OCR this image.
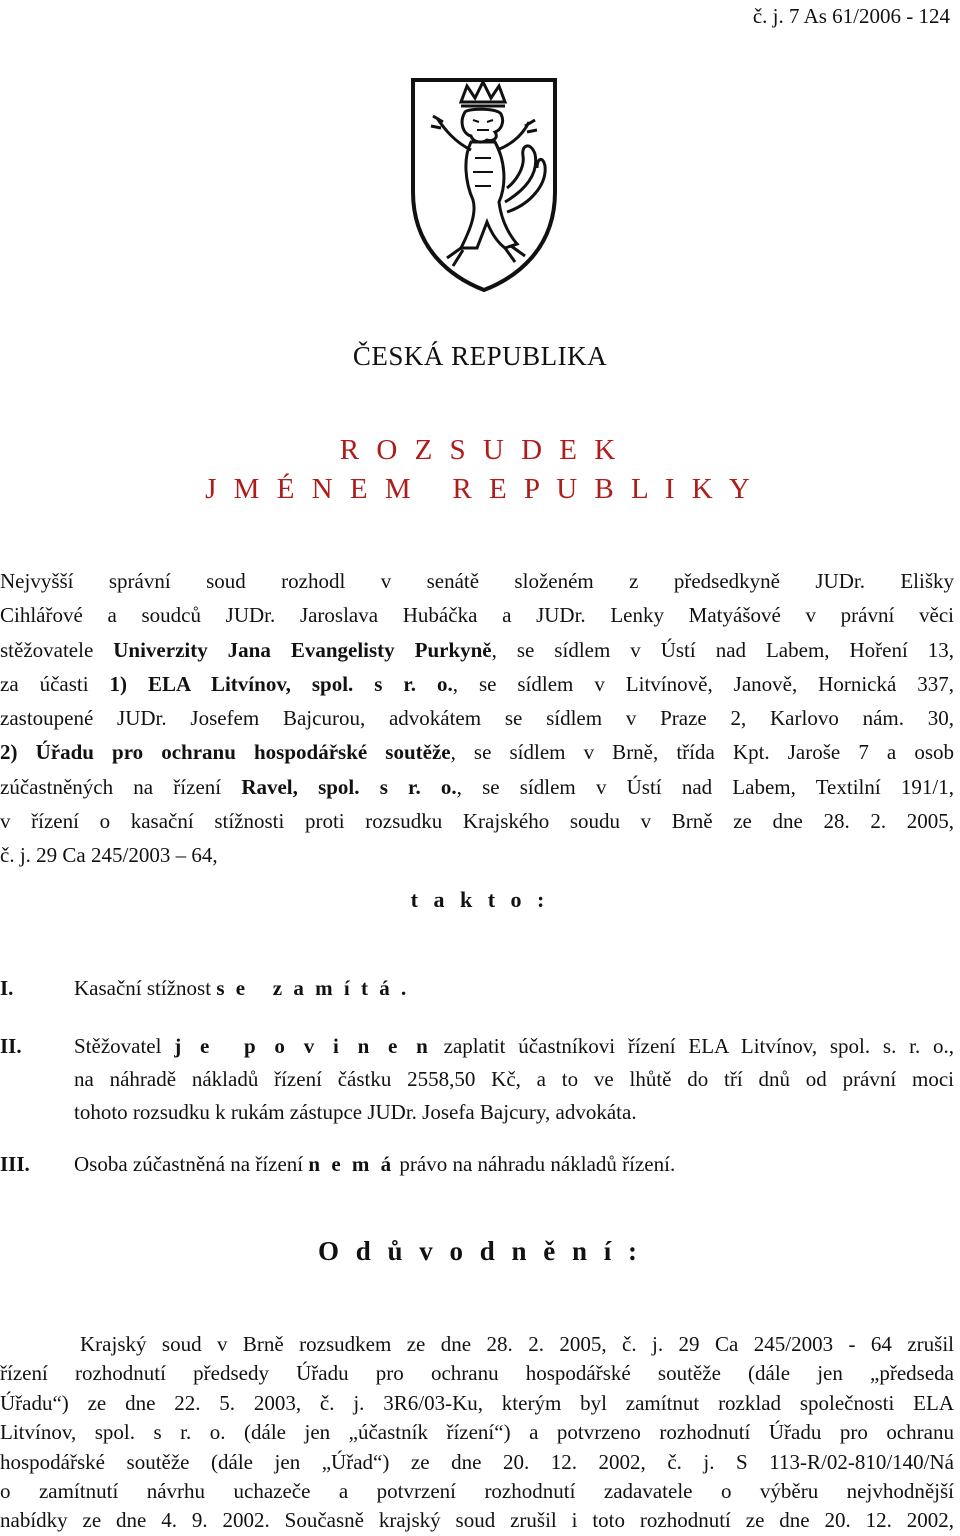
č. j. 7 As 61/2006 - 124
ČESKÁ REPUBLIKA
R O Z S U D E K
J M É N E M   R E P U B L I K Y
Nejvyšší správní soud rozhodl v senátě složeném z předsedkyně JUDr. Elišky
Cihlářové a soudců JUDr. Jaroslava Hubáčka a JUDr. Lenky Matyášové v právní věci
stěžovatele Univerzity Jana Evangelisty Purkyně, se sídlem v Ústí nad Labem, Hoření 13,
za účasti 1) ELA Litvínov, spol. s r. o., se sídlem v Litvínově, Janově, Hornická 337,
zastoupené JUDr. Josefem Bajcurou, advokátem se sídlem v Praze 2, Karlovo nám. 30,
2) Úřadu pro ochranu hospodářské soutěže, se sídlem v Brně, třída Kpt. Jaroše 7 a osob
zúčastněných na řízení Ravel, spol. s r. o., se sídlem v Ústí nad Labem, Textilní 191/1,
v řízení o kasační stížnosti proti rozsudku Krajského soudu v Brně ze dne 28. 2. 2005,
č. j. 29 Ca 245/2003 – 64,
t a k t o :
I.	Kasační stížnost s e   z a m í t á .
II. Stěžovatel j e  p o v i n e n zaplatit účastníkovi řízení ELA Litvínov, spol. s. r. o.,
na náhradě nákladů řízení částku 2558,50 Kč, a to ve lhůtě do tří dnů od právní moci
tohoto rozsudku k rukám zástupce JUDr. Josefa Bajcury, advokáta.
III. Osoba zúčastněná na řízení n e m á právo na náhradu nákladů řízení.
O d ů v o d n ě n í :
Krajský soud v Brně rozsudkem ze dne 28. 2. 2005, č. j. 29 Ca 245/2003 - 64 zrušil
řízení rozhodnutí předsedy Úřadu pro ochranu hospodářské soutěže (dále jen „předseda
Úřadu“) ze dne 22. 5. 2003, č. j. 3R6/03-Ku, kterým byl zamítnut rozklad společnosti ELA
Litvínov, spol. s r. o. (dále jen „účastník řízení“) a potvrzeno rozhodnutí Úřadu pro ochranu
hospodářské soutěže (dále jen „Úřad“) ze dne 20. 12. 2002, č. j. S 113-R/02-810/140/Ná
o zamítnutí návrhu uchazeče a potvrzení rozhodnutí zadavatele o výběru nejvhodnější
nabídky ze dne 4. 9. 2002. Současně krajský soud zrušil i toto rozhodnutí ze dne 20. 12. 2002,
